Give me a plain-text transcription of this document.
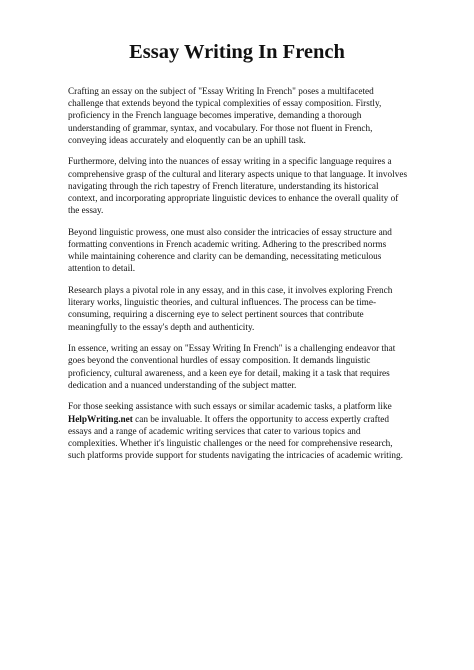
Essay Writing In French

Crafting an essay on the subject of "Essay Writing In French" poses a multifaceted challenge that extends beyond the typical complexities of essay composition. Firstly, proficiency in the French language becomes imperative, demanding a thorough understanding of grammar, syntax, and vocabulary. For those not fluent in French, conveying ideas accurately and eloquently can be an uphill task.

Furthermore, delving into the nuances of essay writing in a specific language requires a comprehensive grasp of the cultural and literary aspects unique to that language. It involves navigating through the rich tapestry of French literature, understanding its historical context, and incorporating appropriate linguistic devices to enhance the overall quality of the essay.

Beyond linguistic prowess, one must also consider the intricacies of essay structure and formatting conventions in French academic writing. Adhering to the prescribed norms while maintaining coherence and clarity can be demanding, necessitating meticulous attention to detail.

Research plays a pivotal role in any essay, and in this case, it involves exploring French literary works, linguistic theories, and cultural influences. The process can be time-consuming, requiring a discerning eye to select pertinent sources that contribute meaningfully to the essay's depth and authenticity.

In essence, writing an essay on "Essay Writing In French" is a challenging endeavor that goes beyond the conventional hurdles of essay composition. It demands linguistic proficiency, cultural awareness, and a keen eye for detail, making it a task that requires dedication and a nuanced understanding of the subject matter.

For those seeking assistance with such essays or similar academic tasks, a platform like HelpWriting.net can be invaluable. It offers the opportunity to access expertly crafted essays and a range of academic writing services that cater to various topics and complexities. Whether it's linguistic challenges or the need for comprehensive research, such platforms provide support for students navigating the intricacies of academic writing.
